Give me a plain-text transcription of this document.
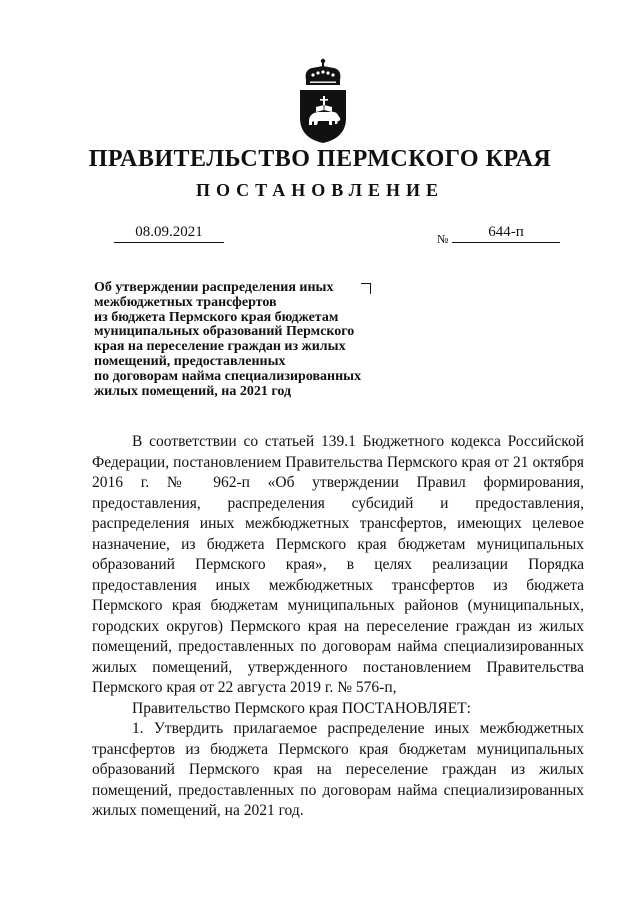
ПРАВИТЕЛЬСТВО ПЕРМСКОГО КРАЯ
ПОСТАНОВЛЕНИЕ
08.09.2021	№	644-п
Об утверждении распределения иных
межбюджетных трансфертов
из бюджета Пермского края бюджетам
муниципальных образований Пермского
края на переселение граждан из жилых
помещений, предоставленных
по договорам найма специализированных
жилых помещений, на 2021 год

В соответствии со статьей 139.1 Бюджетного кодекса Российской Федерации, постановлением Правительства Пермского края от 21 октября 2016 г. № 962-п «Об утверждении Правил формирования, предоставления, распределения субсидий и предоставления, распределения иных межбюджетных трансфертов, имеющих целевое назначение, из бюджета Пермского края бюджетам муниципальных образований Пермского края», в целях реализации Порядка предоставления иных межбюджетных трансфертов из бюджета Пермского края бюджетам муниципальных районов (муниципальных, городских округов) Пермского края на переселение граждан из жилых помещений, предоставленных по договорам найма специализированных жилых помещений, утвержденного постановлением Правительства Пермского края от 22 августа 2019 г. № 576-п,

Правительство Пермского края ПОСТАНОВЛЯЕТ:

1. Утвердить прилагаемое распределение иных межбюджетных трансфертов из бюджета Пермского края бюджетам муниципальных образований Пермского края на переселение граждан из жилых помещений, предоставленных по договорам найма специализированных жилых помещений, на 2021 год.
